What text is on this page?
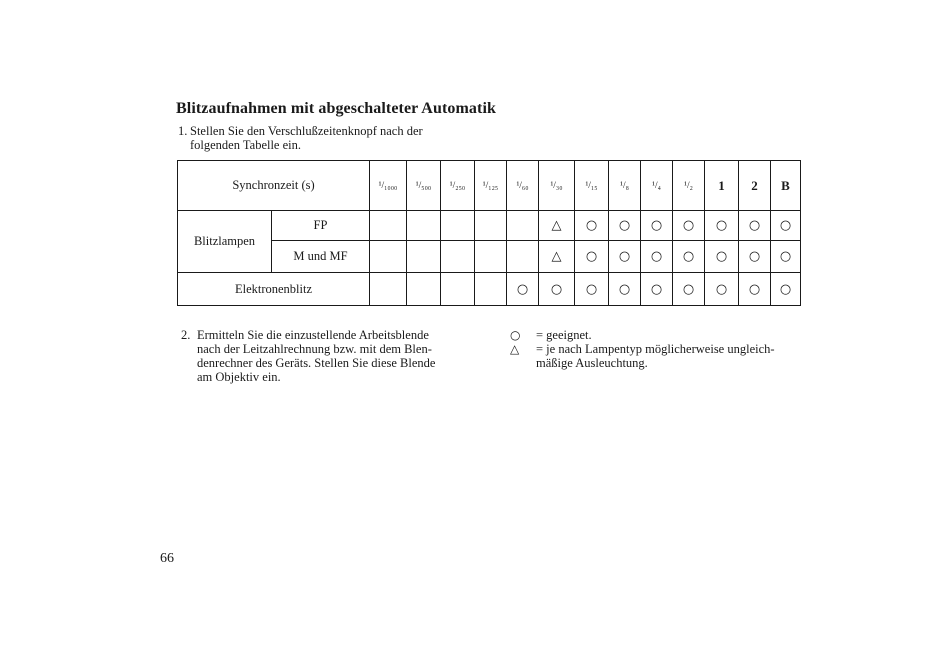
Blitzaufnahmen mit abgeschalteter Automatik
1. Stellen Sie den Verschlußzeitenknopf nach der
folgenden Tabelle ein.
Synchronzeit (s)		¹/₁₀₀₀	¹/₅₀₀	¹/₂₅₀	¹/₁₂₅	¹/₆₀	¹/₃₀	¹/₁₅	¹/₈	¹/₄	¹/₂	1	2	B
Blitzlampen	FP						△	○	○	○	○	○	○	○
	M und MF						△	○	○	○	○	○	○	○
Elektronenblitz						○	○	○	○	○	○	○	○	○
2. Ermitteln Sie die einzustellende Arbeitsblende
nach der Leitzahlrechnung bzw. mit dem Blen-
denrechner des Geräts. Stellen Sie diese Blende
am Objektiv ein.
○	= geeignet.
△	= je nach Lampentyp möglicherweise ungleich-
mäßige Ausleuchtung.
66
